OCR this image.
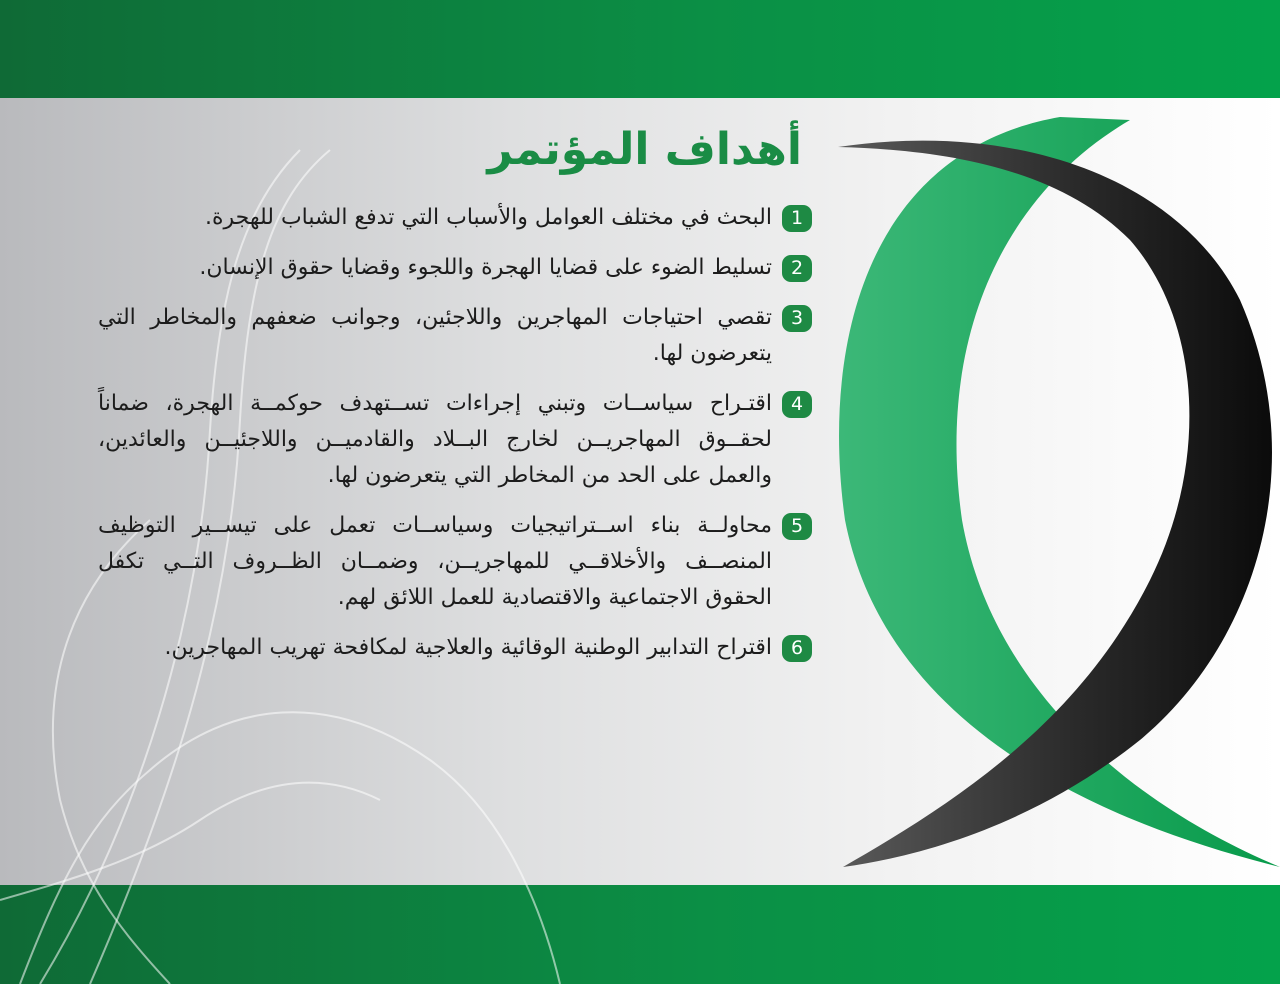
أهداف المؤتمر
1
البحث في مختلف العوامل والأسباب التي تدفع الشباب للهجرة.
2
تسليط الضوء على قضايا الهجرة واللجوء وقضايا حقوق الإنسان.
3
تقصي احتياجات المهاجرين واللاجئين، وجوانب ضعفهم والمخاطر التي يتعرضون لها.
4
اقتـراح سياســات وتبني إجراءات تســتهدف حوكمــة الهجرة، ضماناً لحقــوق المهاجريــن لخارج البــلاد والقادميــن واللاجئيــن والعائدين، والعمل على الحد من المخاطر التي يتعرضون لها.
5
محاولــة بناء اســتراتيجيات وسياســات تعمل على تيســير التوظيف المنصــف والأخلاقــي للمهاجريــن، وضمــان الظــروف التــي تكفل الحقوق الاجتماعية والاقتصادية للعمل اللائق لهم.
6
اقتراح التدابير الوطنية الوقائية والعلاجية لمكافحة تهريب المهاجرين.
